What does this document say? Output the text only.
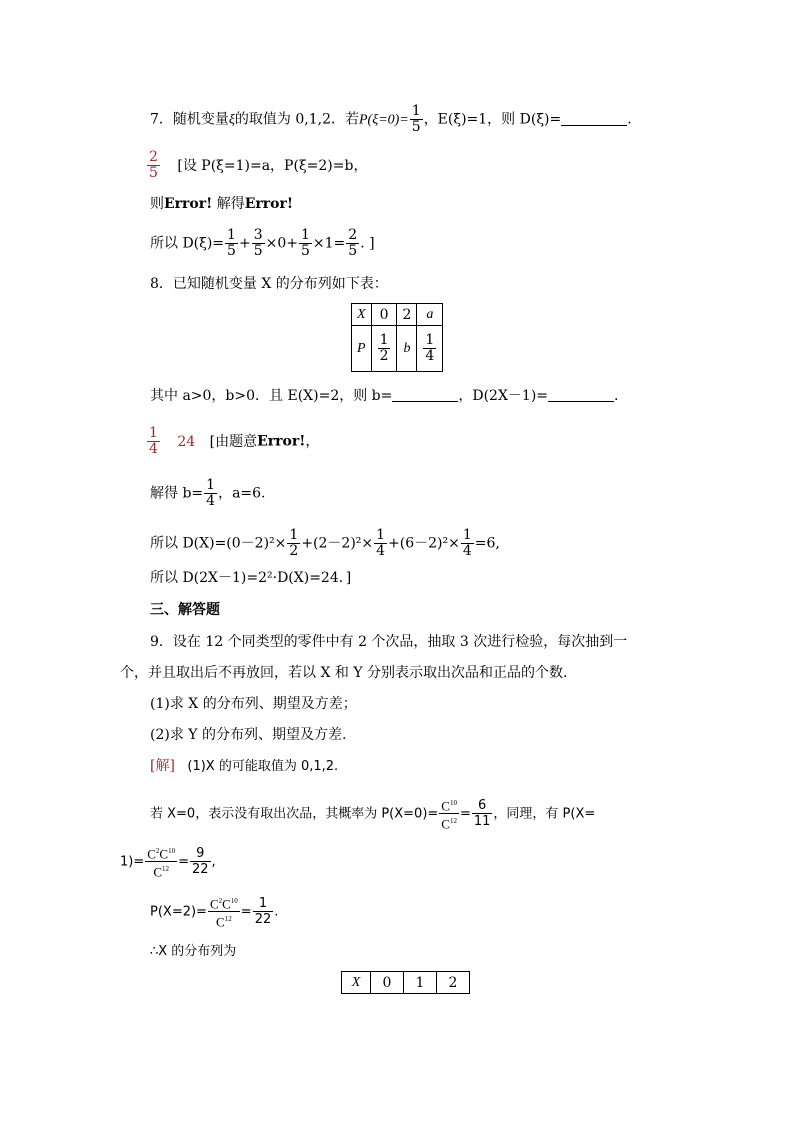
7．随机变量ξ的取值为 0,1,2．若$P(\xi=0)= \frac{1}{5}$ ，E(ξ)=1，则 D(ξ)=	.
$\frac{2}{5}$ [设 P(ξ=1)=a，P(ξ=2)=b，
则Error! 解得Error!
所以 $D(\xi)= \frac{1}{5} + \frac{3}{5} \times 0+ \frac{1}{5} \times 1= \frac{2}{5}$ . ]
8．已知随机变量 X 的分布列如下表：
X	0	2	a
P	$\frac{1}{2}$	b	$\frac{1}{4}$
其中 a>0，b>0．且 E(X)=2，则 b=	，D(2X－1)=	.
$\frac{1}{4} 24$ [由题意Error!，
解得 $b= \frac{1}{4}$ ，a=6.
所以 $D(X)=(0-2)^2\times \frac{1}{2} +(2-2)^2\times \frac{1}{4} +(6-2)^2\times \frac{1}{4} =6$,
所以 D(2X－1)=2²·D(X)=24．]
三、解答题
9．设在 12 个同类型的零件中有 2 个次品，抽取 3 次进行检验，每次抽到一
个，并且取出后不再放回，若以 X 和 Y 分别表示取出次品和正品的个数.
(1)求 X 的分布列、期望及方差；
(2)求 Y 的分布列、期望及方差.
[解] (1)X 的可能取值为 0,1,2.
若 X=0，表示没有取出次品，其概率为 $P(X=0)= \frac{C^{10}}{C^{12}} = \frac{6}{11}$ ，同理，有 P(X=
$1)= \frac{C^2C^{10}}{C^{12}} = \frac{9}{22}$ ,
$P(X=2)= \frac{C^2C^{10}}{C^{12}} = \frac{1}{22}$ .
∴X 的分布列为
X	0	1	2
